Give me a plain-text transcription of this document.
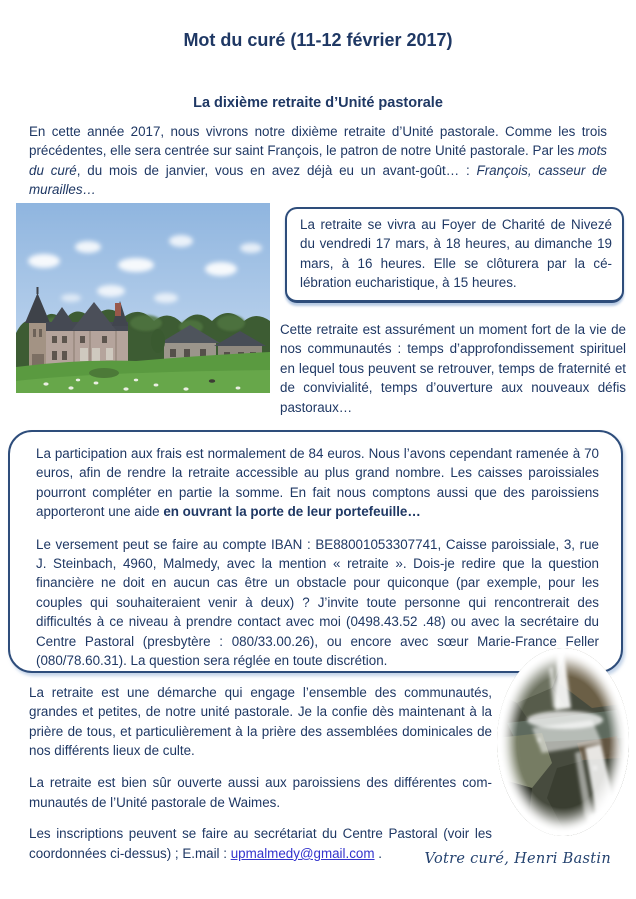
Mot du curé (11-12 février 2017)
La dixième retraite d’Unité pastorale

En cette année 2017, nous vivrons notre dixième retraite d’Unité pastorale. Comme les trois précédentes, elle sera centrée sur saint François, le patron de notre Unité pastorale. Par les mots du curé, du mois de janvier, vous en avez déjà eu un avant-goût… : François, casseur de murailles…

La retraite se vivra au Foyer de Charité de Nivezé du vendredi 17 mars, à 18 heures, au dimanche 19 mars, à 16 heures. Elle se clôturera par la célébration eucharistique, à 15 heures.

Cette retraite est assurément un moment fort de la vie de nos communautés : temps d’approfondissement spirituel en lequel tous peuvent se retrouver, temps de fraternité et de convivialité, temps d’ouverture aux nouveaux défis pastoraux…

La participation aux frais est normalement de 84 euros. Nous l’avons cependant ramenée à 70 euros, afin de rendre la retraite accessible au plus grand nombre. Les caisses paroissiales pourront compléter en partie la somme. En fait nous comptons aussi que des paroissiens apporteront une aide en ouvrant la porte de leur portefeuille…

Le versement peut se faire au compte IBAN : BE88001053307741, Caisse paroissiale, 3, rue J. Steinbach, 4960, Malmedy, avec la mention « retraite ». Dois-je redire que la question financière ne doit en aucun cas être un obstacle pour quiconque (par exemple, pour les couples qui souhaiteraient venir à deux) ? J’invite toute personne qui rencontrerait des difficultés à ce niveau à prendre contact avec moi (0498.43.52 .48) ou avec la secrétaire du Centre Pastoral (presbytère : 080/33.00.26), ou encore avec sœur Marie-France Feller (080/78.60.31). La question sera réglée en toute discrétion.

La retraite est une démarche qui engage l’ensemble des communautés, grandes et petites, de notre unité pastorale. Je la confie dès maintenant à la prière de tous, et particulièrement à la prière des assemblées dominicales de nos différents lieux de culte.

La retraite est bien sûr ouverte aussi aux paroissiens des différentes communautés de l’Unité pastorale de Waimes.

Les inscriptions peuvent se faire au secrétariat du Centre Pastoral (voir les coordonnées ci-dessus) ; E.mail : upmalmedy@gmail.com .	Votre curé, Henri Bastin
